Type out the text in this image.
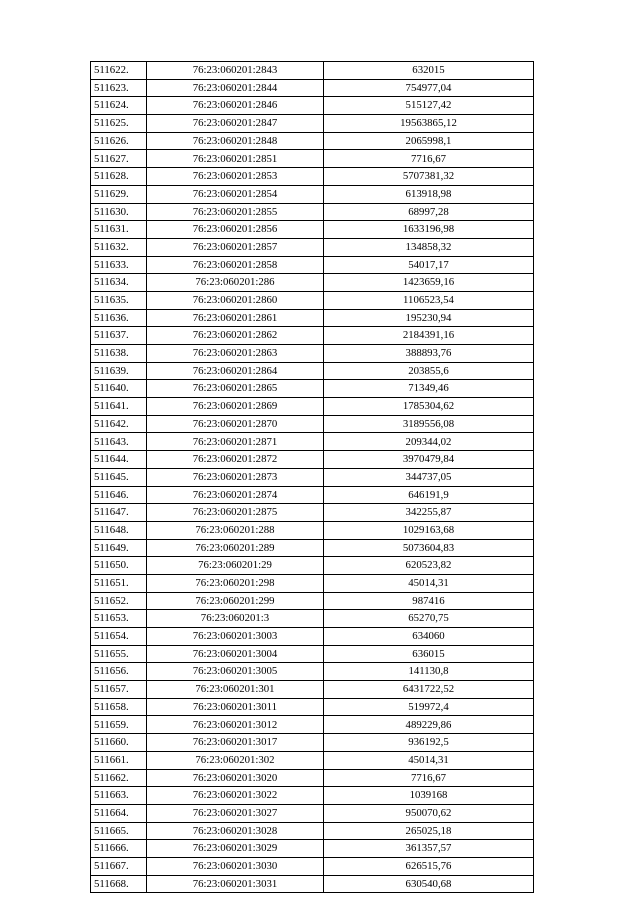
511622.	76:23:060201:2843	632015
511623.	76:23:060201:2844	754977,04
511624.	76:23:060201:2846	515127,42
511625.	76:23:060201:2847	19563865,12
511626.	76:23:060201:2848	2065998,1
511627.	76:23:060201:2851	7716,67
511628.	76:23:060201:2853	5707381,32
511629.	76:23:060201:2854	613918,98
511630.	76:23:060201:2855	68997,28
511631.	76:23:060201:2856	1633196,98
511632.	76:23:060201:2857	134858,32
511633.	76:23:060201:2858	54017,17
511634.	76:23:060201:286	1423659,16
511635.	76:23:060201:2860	1106523,54
511636.	76:23:060201:2861	195230,94
511637.	76:23:060201:2862	2184391,16
511638.	76:23:060201:2863	388893,76
511639.	76:23:060201:2864	203855,6
511640.	76:23:060201:2865	71349,46
511641.	76:23:060201:2869	1785304,62
511642.	76:23:060201:2870	3189556,08
511643.	76:23:060201:2871	209344,02
511644.	76:23:060201:2872	3970479,84
511645.	76:23:060201:2873	344737,05
511646.	76:23:060201:2874	646191,9
511647.	76:23:060201:2875	342255,87
511648.	76:23:060201:288	1029163,68
511649.	76:23:060201:289	5073604,83
511650.	76:23:060201:29	620523,82
511651.	76:23:060201:298	45014,31
511652.	76:23:060201:299	987416
511653.	76:23:060201:3	65270,75
511654.	76:23:060201:3003	634060
511655.	76:23:060201:3004	636015
511656.	76:23:060201:3005	141130,8
511657.	76:23:060201:301	6431722,52
511658.	76:23:060201:3011	519972,4
511659.	76:23:060201:3012	489229,86
511660.	76:23:060201:3017	936192,5
511661.	76:23:060201:302	45014,31
511662.	76:23:060201:3020	7716,67
511663.	76:23:060201:3022	1039168
511664.	76:23:060201:3027	950070,62
511665.	76:23:060201:3028	265025,18
511666.	76:23:060201:3029	361357,57
511667.	76:23:060201:3030	626515,76
511668.	76:23:060201:3031	630540,68
